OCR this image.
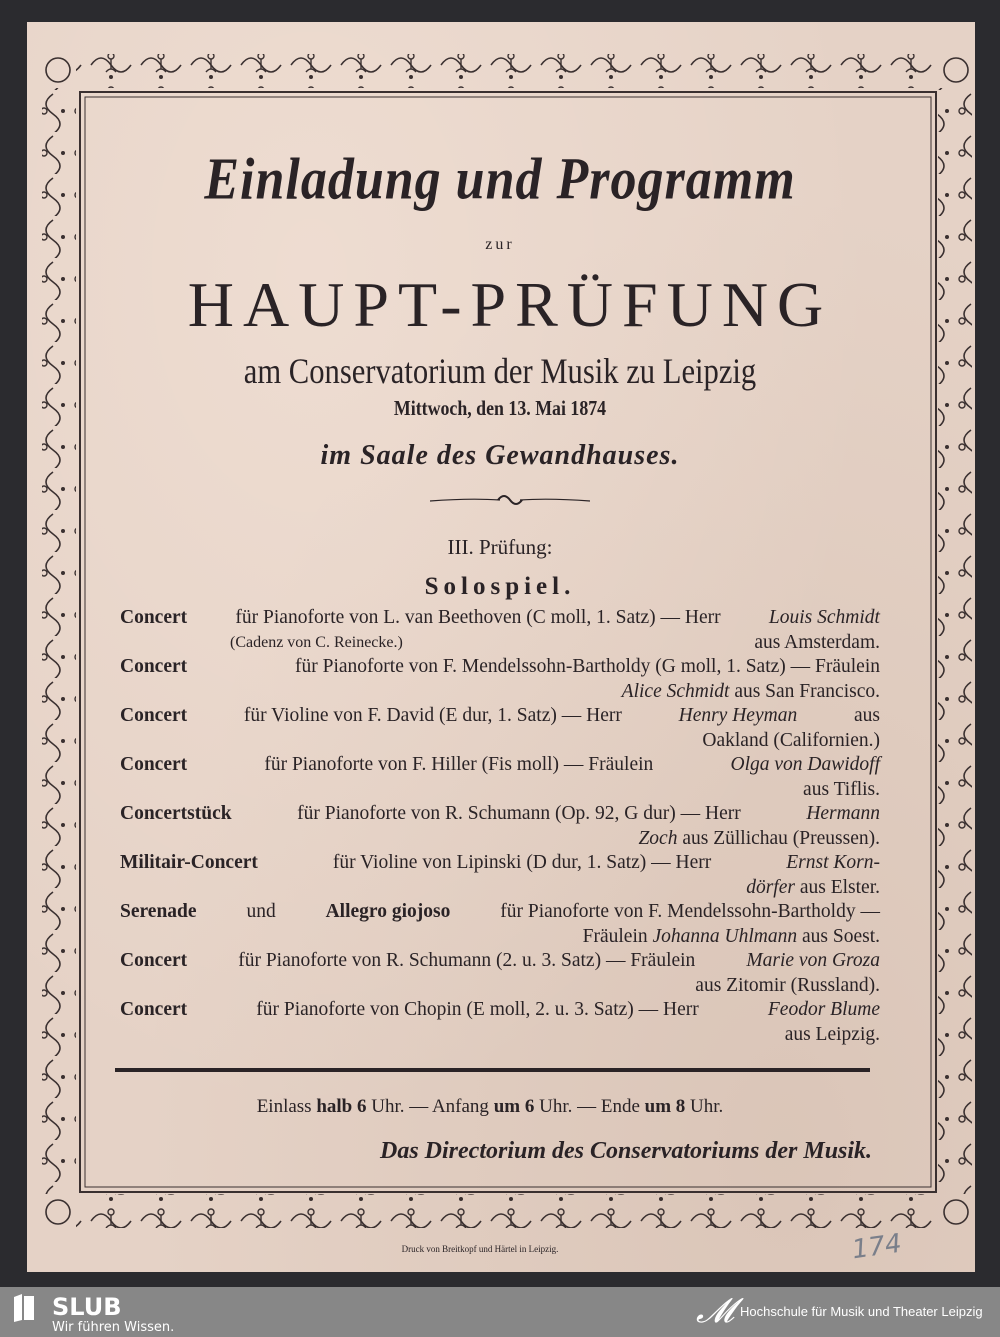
Einladung und Programm
zur
HAUPT-PRÜFUNG
am Conservatorium der Musik zu Leipzig
Mittwoch, den 13. Mai 1874
im Saale des Gewandhauses.
III. Prüfung:
Solospiel.
Concert für Pianoforte von L. van Beethoven (C moll, 1. Satz) — Herr Louis Schmidt
(Cadenz von C. Reinecke.)	aus Amsterdam.
Concert	für Pianoforte von F. Mendelssohn-Bartholdy (G moll, 1. Satz) — Fräulein
Alice Schmidt aus San Francisco.
Concert	für Violine von F. David (E dur, 1. Satz) — Herr	Henry Heyman	aus
Oakland (Californien.)
Concert	für Pianoforte von F. Hiller (Fis moll) — Fräulein	Olga von Dawidoff
aus Tiflis.
Concertstück	für Pianoforte von R. Schumann (Op. 92, G dur) — Herr	Hermann
Zoch aus Züllichau (Preussen).
Militair-Concert	für Violine von Lipinski (D dur, 1. Satz) — Herr	Ernst Korn-
dörfer aus Elster.
Serenade und Allegro giojoso für Pianoforte von F. Mendelssohn-Bartholdy —
Fräulein Johanna Uhlmann aus Soest.
Concert für Pianoforte von R. Schumann (2. u. 3. Satz) — Fräulein Marie von Groza
aus Zitomir (Russland).
Concert	für Pianoforte von Chopin (E moll, 2. u. 3. Satz) — Herr	Feodor Blume
aus Leipzig.
Einlass halb 6 Uhr. — Anfang um 6 Uhr. — Ende um 8 Uhr.
Das Directorium des Conservatoriums der Musik.
Druck von Breitkopf und Härtel in Leipzig.	174
SLUB
Wir führen Wissen.	𝓜 Hochschule für Musik und Theater Leipzig
